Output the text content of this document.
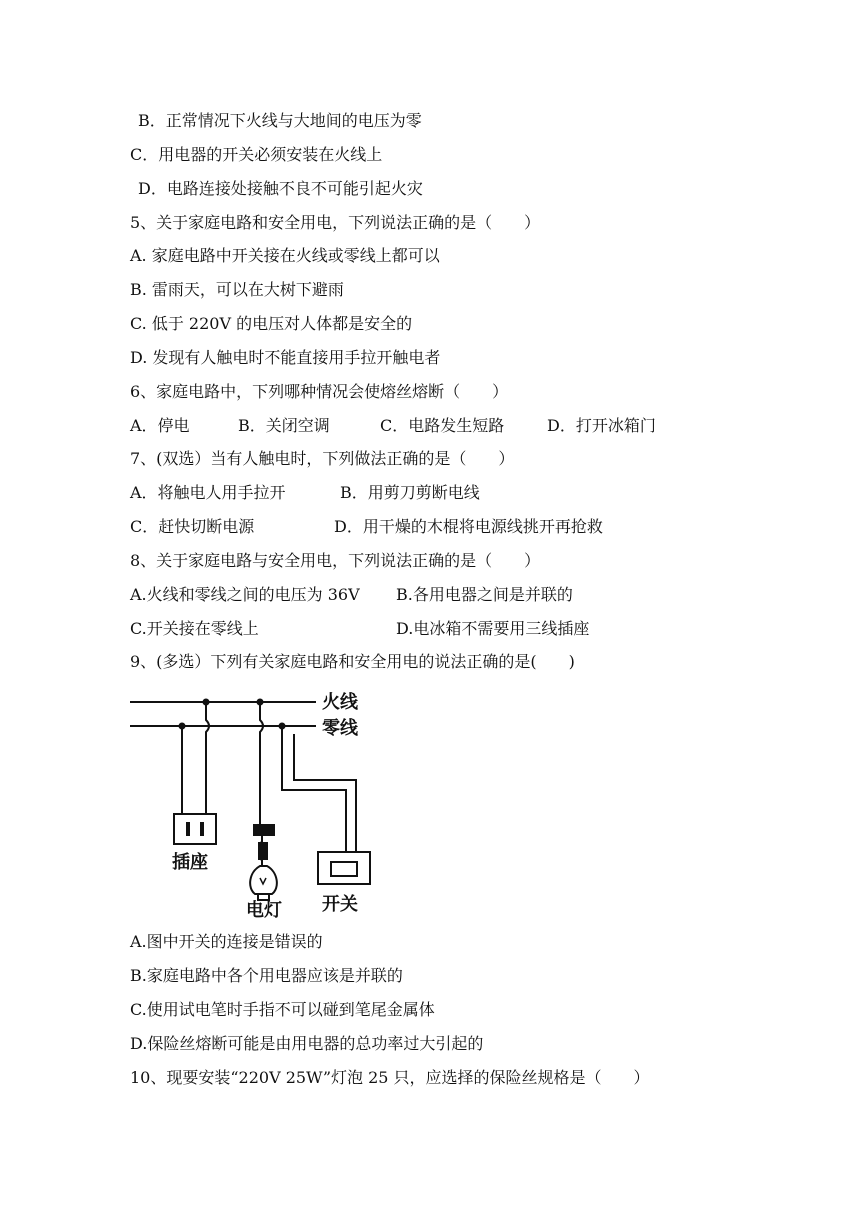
B．正常情况下火线与大地间的电压为零
C．用电器的开关必须安装在火线上
D．电路连接处接触不良不可能引起火灾
5、关于家庭电路和安全用电，下列说法正确的是（　　）
A. 家庭电路中开关接在火线或零线上都可以
B. 雷雨天，可以在大树下避雨
C. 低于 220V 的电压对人体都是安全的
D. 发现有人触电时不能直接用手拉开触电者
6、家庭电路中，下列哪种情况会使熔丝熔断（　　）

A．停电

	B．关闭空调

	C．电路发生短路

	D．打开冰箱门

7、(双选）当有人触电时，下列做法正确的是（　　）

A．将触电人用手拉开

	B．用剪刀剪断电线

C．赶快切断电源

	D．用干燥的木棍将电源线挑开再抢救

8、关于家庭电路与安全用电，下列说法正确的是（　　）

A.火线和零线之间的电压为 36V

B.各用电器之间是并联的

C.开关接在零线上

	D.电冰箱不需要用三线插座

9、(多选）下列有关家庭电路和安全用电的说法正确的是(　　)
火线
零线
插座
电灯 开关
A.图中开关的连接是错误的
B.家庭电路中各个用电器应该是并联的
C.使用试电笔时手指不可以碰到笔尾金属体
D.保险丝熔断可能是由用电器的总功率过大引起的
10、现要安装“220V 25W”灯泡 25 只，应选择的保险丝规格是（　　）
